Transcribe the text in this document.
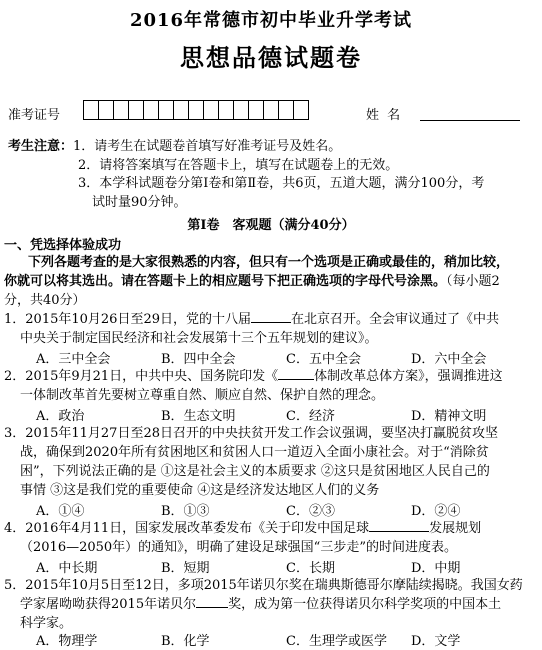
2016年常德市初中毕业升学考试
思想品德试题卷
准考证号	姓 名
考生注意：1．请考生在试题卷首填写好准考证号及姓名。
2．请将答案填写在答题卡上，填写在试题卷上的无效。
3．本学科试题卷分第Ⅰ卷和第Ⅱ卷，共6页，五道大题，满分100分，考
试时量90分钟。
第Ⅰ卷　客观题（满分40分）
一、凭选择体验成功
下列各题考查的是大家很熟悉的内容，但只有一个选项是正确或最佳的，稍加比较，
你就可以将其选出。请在答题卡上的相应题号下把正确选项的字母代号涂黑。（每小题2
分，共40分）
1．2015年10月26日至29日，党的十八届	在北京召开。全会审议通过了《中共
中央关于制定国民经济和社会发展第十三个五年规划的建议》。
A．三中全会	B．四中全会	C．五中全会	D．六中全会
2．2015年9月21日，中共中央、国务院印发《	体制改革总体方案》，强调推进这
一体制改革首先要树立尊重自然、顺应自然、保护自然的理念。
A．政治	B．生态文明	C．经济	D．精神文明
3．2015年11月27日至28日召开的中央扶贫开发工作会议强调，要坚决打赢脱贫攻坚
战，确保到2020年所有贫困地区和贫困人口一道迈入全面小康社会。对于“消除贫
困”，下列说法正确的是 ①这是社会主义的本质要求 ②这只是贫困地区人民自己的
事情 ③这是我们党的重要使命 ④这是经济发达地区人们的义务
A．①④	B．①③	C．②③	D．②④
4．2016年4月11日，国家发展改革委发布《关于印发中国足球	发展规划
（2016—2050年）的通知》，明确了建设足球强国“三步走”的时间进度表。
A．中长期	B．短期	C．长期	D．中期
5．2015年10月5日至12日，多项2015年诺贝尔奖在瑞典斯德哥尔摩陆续揭晓。我国女药
学家屠呦呦获得2015年诺贝尔 奖，成为第一位获得诺贝尔科学奖项的中国本土
科学家。
A．物理学	B．化学	C．生理学或医学	D．文学
